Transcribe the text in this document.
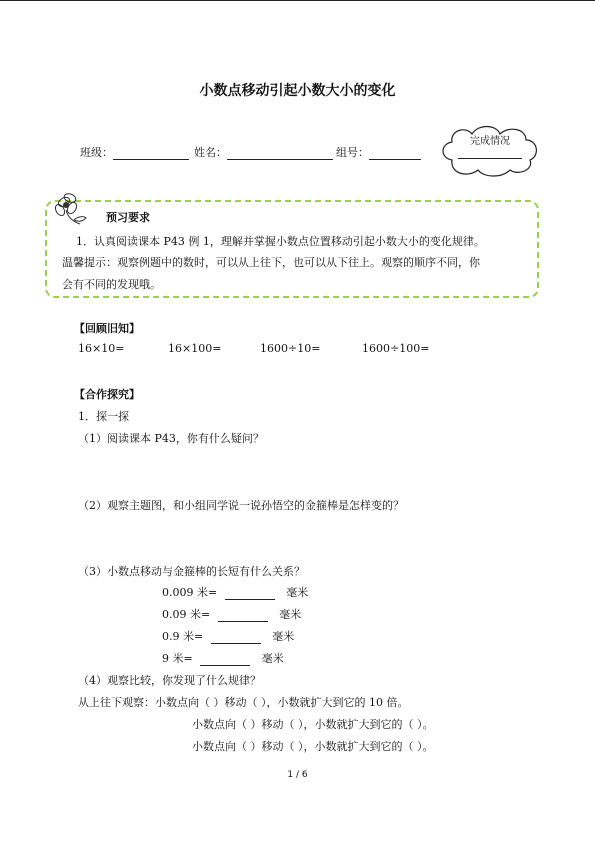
小数点移动引起小数大小的变化
班级：	姓名：	组号：
完成情况
预习要求
1．认真阅读课本 P43 例 1，理解并掌握小数点位置移动引起小数大小的变化规律。
温馨提示：观察例题中的数时，可以从上往下，也可以从下往上。观察的顺序不同，你
会有不同的发现哦。
【回顾旧知】
16×10=	16×100=	1600÷10=	1600÷100=
【合作探究】
1．探一探
（1）阅读课本 P43，你有什么疑问？
（2）观察主题图，和小组同学说一说孙悟空的金箍棒是怎样变的？
（3）小数点移动与金箍棒的长短有什么关系？
0.009 米=	毫米
0.09 米=	毫米
0.9 米=	毫米
9 米=	毫米
（4）观察比较，你发现了什么规律？
从上往下观察：小数点向（ ）移动（ ），小数就扩大到它的 10 倍。
小数点向（ ）移动（ ），小数就扩大到它的（ ）。
小数点向（ ）移动（ ），小数就扩大到它的（ ）。
1 / 6
